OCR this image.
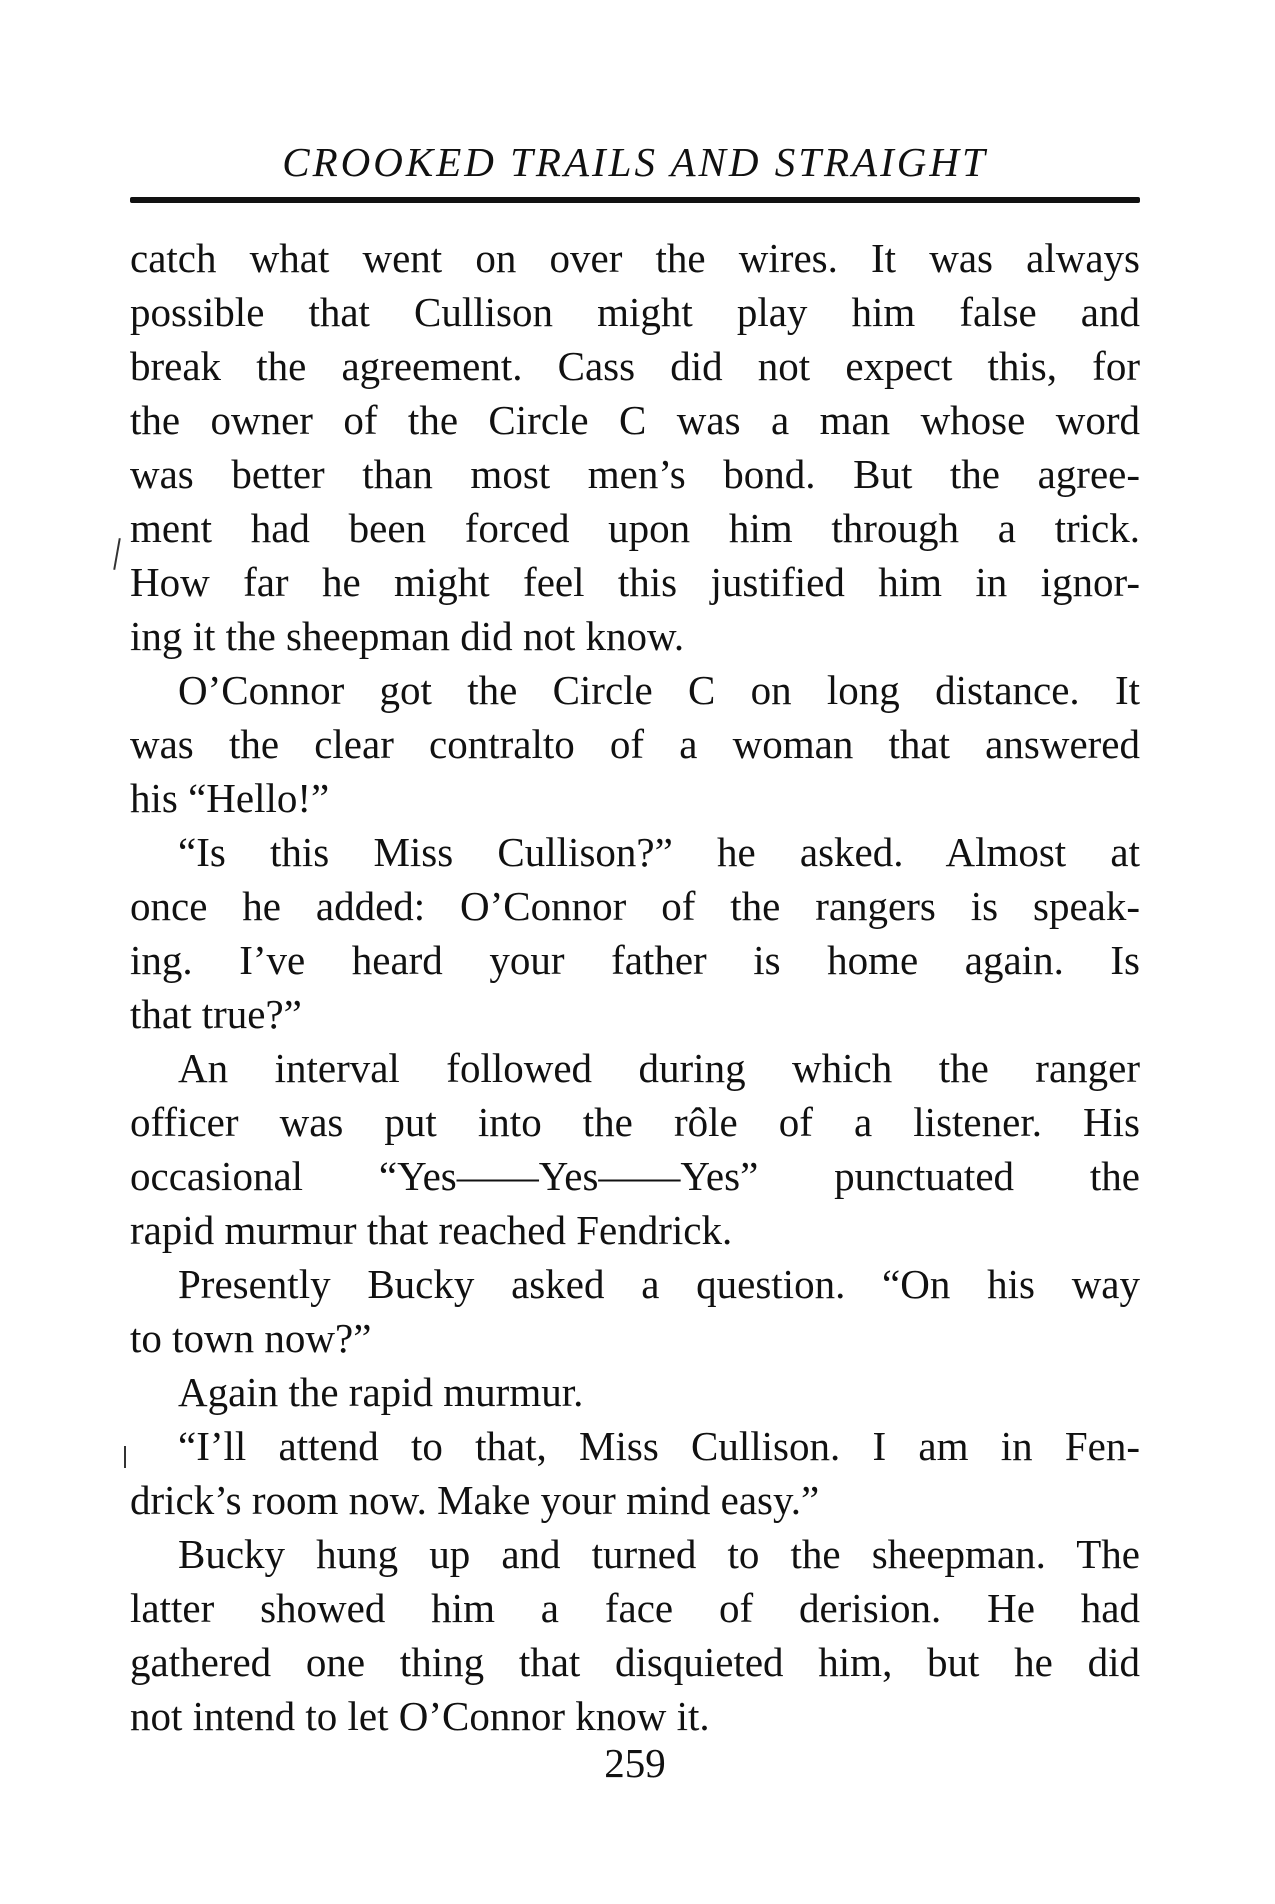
CROOKED TRAILS AND STRAIGHT
catch what went on over the wires. It was always
possible that Cullison might play him false and
break the agreement. Cass did not expect this, for
the owner of the Circle C was a man whose word
was better than most men’s bond. But the agree-
ment had been forced upon him through a trick.
How far he might feel this justified him in ignor-
ing it the sheepman did not know.
O’Connor got the Circle C on long distance. It
was the clear contralto of a woman that answered
his “Hello!”
“Is this Miss Cullison?” he asked. Almost at
once he added: O’Connor of the rangers is speak-
ing. I’ve heard your father is home again. Is
that true?”
An interval followed during which the ranger
officer was put into the rôle of a listener. His
occasional “Yes——Yes——Yes” punctuated the
rapid murmur that reached Fendrick.
Presently Bucky asked a question. “On his way
to town now?”
Again the rapid murmur.
“I’ll attend to that, Miss Cullison. I am in Fen-
drick’s room now. Make your mind easy.”
Bucky hung up and turned to the sheepman. The
latter showed him a face of derision. He had
gathered one thing that disquieted him, but he did
not intend to let O’Connor know it.
259
